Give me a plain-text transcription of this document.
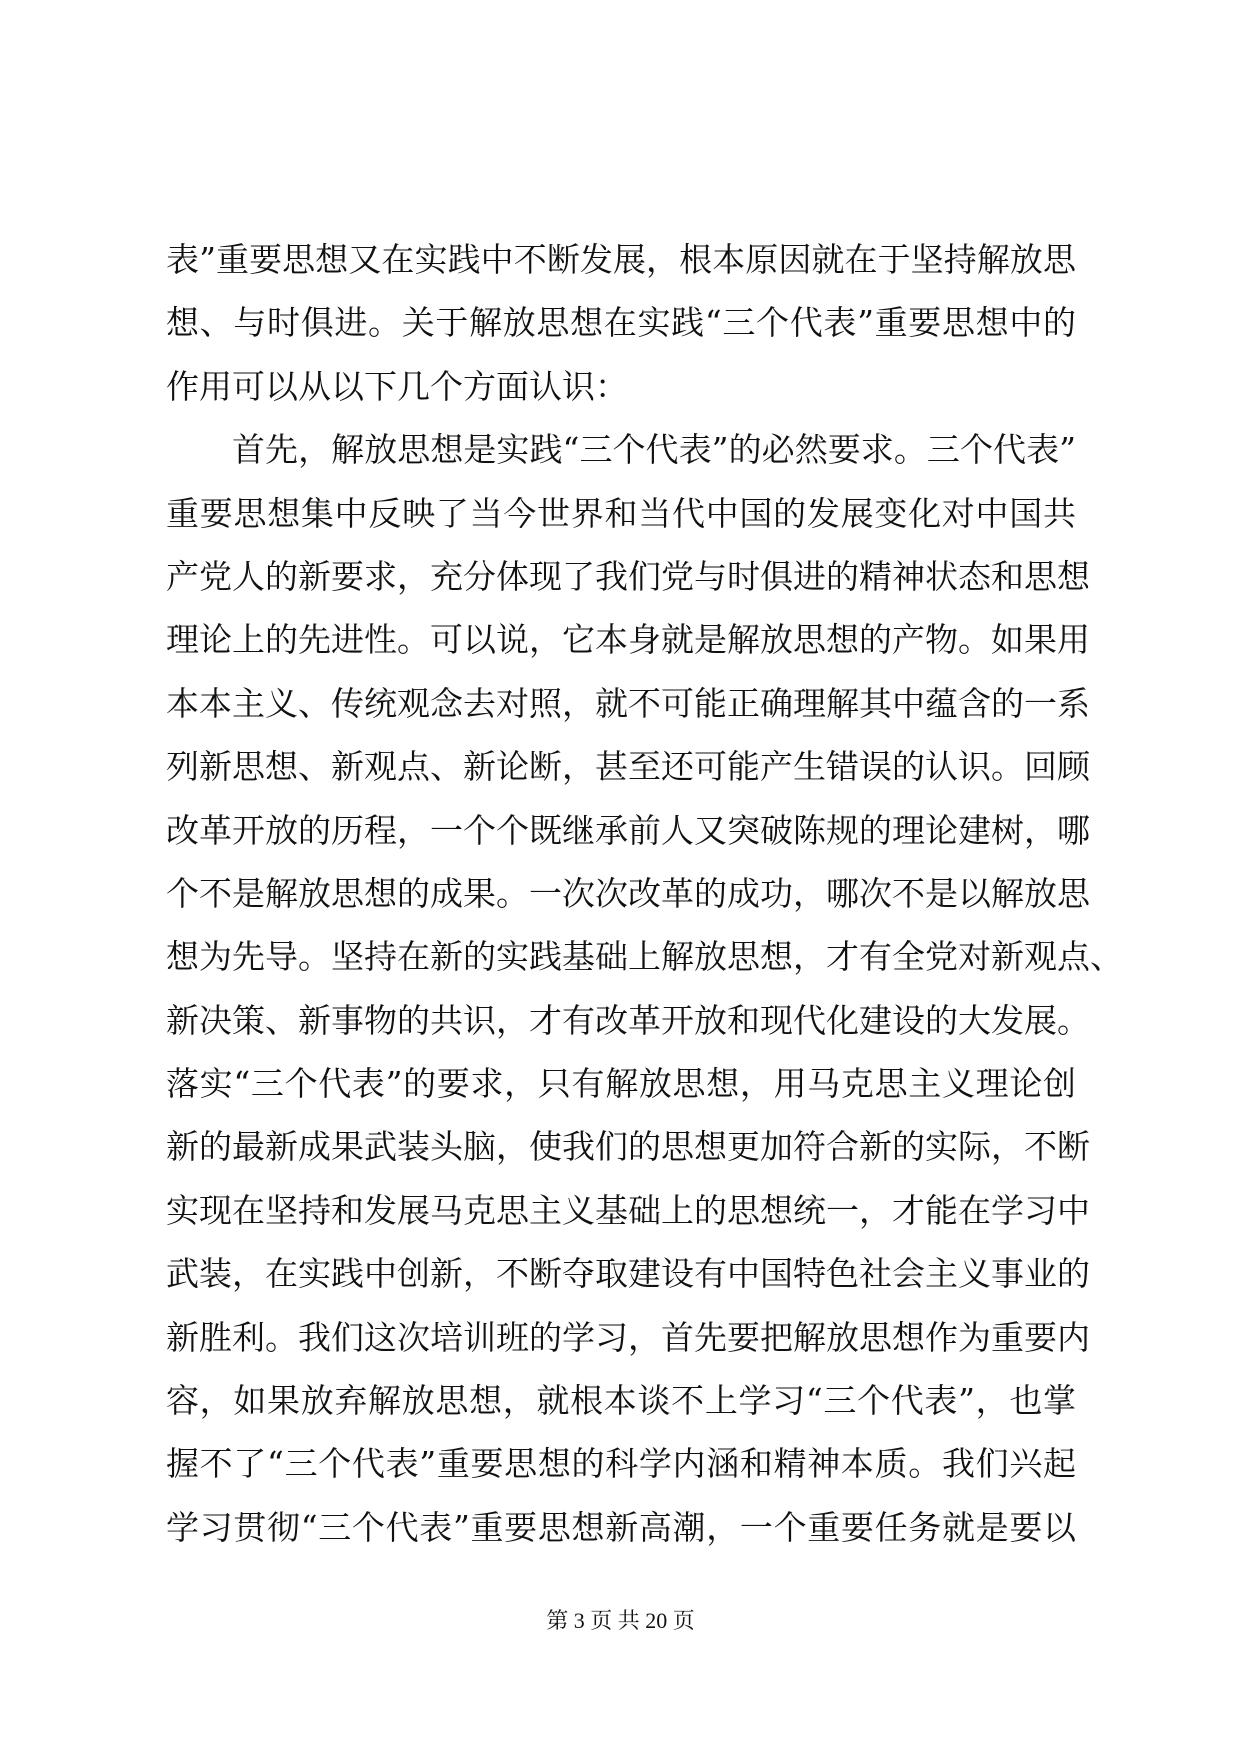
表”重要思想又在实践中不断发展，根本原因就在于坚持解放思
想、与时俱进。关于解放思想在实践“三个代表”重要思想中的
作用可以从以下几个方面认识：
首先，解放思想是实践“三个代表”的必然要求。三个代表”
重要思想集中反映了当今世界和当代中国的发展变化对中国共
产党人的新要求，充分体现了我们党与时俱进的精神状态和思想
理论上的先进性。可以说，它本身就是解放思想的产物。如果用
本本主义、传统观念去对照，就不可能正确理解其中蕴含的一系
列新思想、新观点、新论断，甚至还可能产生错误的认识。回顾
改革开放的历程，一个个既继承前人又突破陈规的理论建树，哪
个不是解放思想的成果。一次次改革的成功，哪次不是以解放思
想为先导。坚持在新的实践基础上解放思想，才有全党对新观点、
新决策、新事物的共识，才有改革开放和现代化建设的大发展。
落实“三个代表”的要求，只有解放思想，用马克思主义理论创
新的最新成果武装头脑，使我们的思想更加符合新的实际，不断
实现在坚持和发展马克思主义基础上的思想统一，才能在学习中
武装，在实践中创新，不断夺取建设有中国特色社会主义事业的
新胜利。我们这次培训班的学习，首先要把解放思想作为重要内
容，如果放弃解放思想，就根本谈不上学习“三个代表”，也掌
握不了“三个代表”重要思想的科学内涵和精神本质。我们兴起
学习贯彻“三个代表”重要思想新高潮，一个重要任务就是要以
第 3 页 共 20 页
